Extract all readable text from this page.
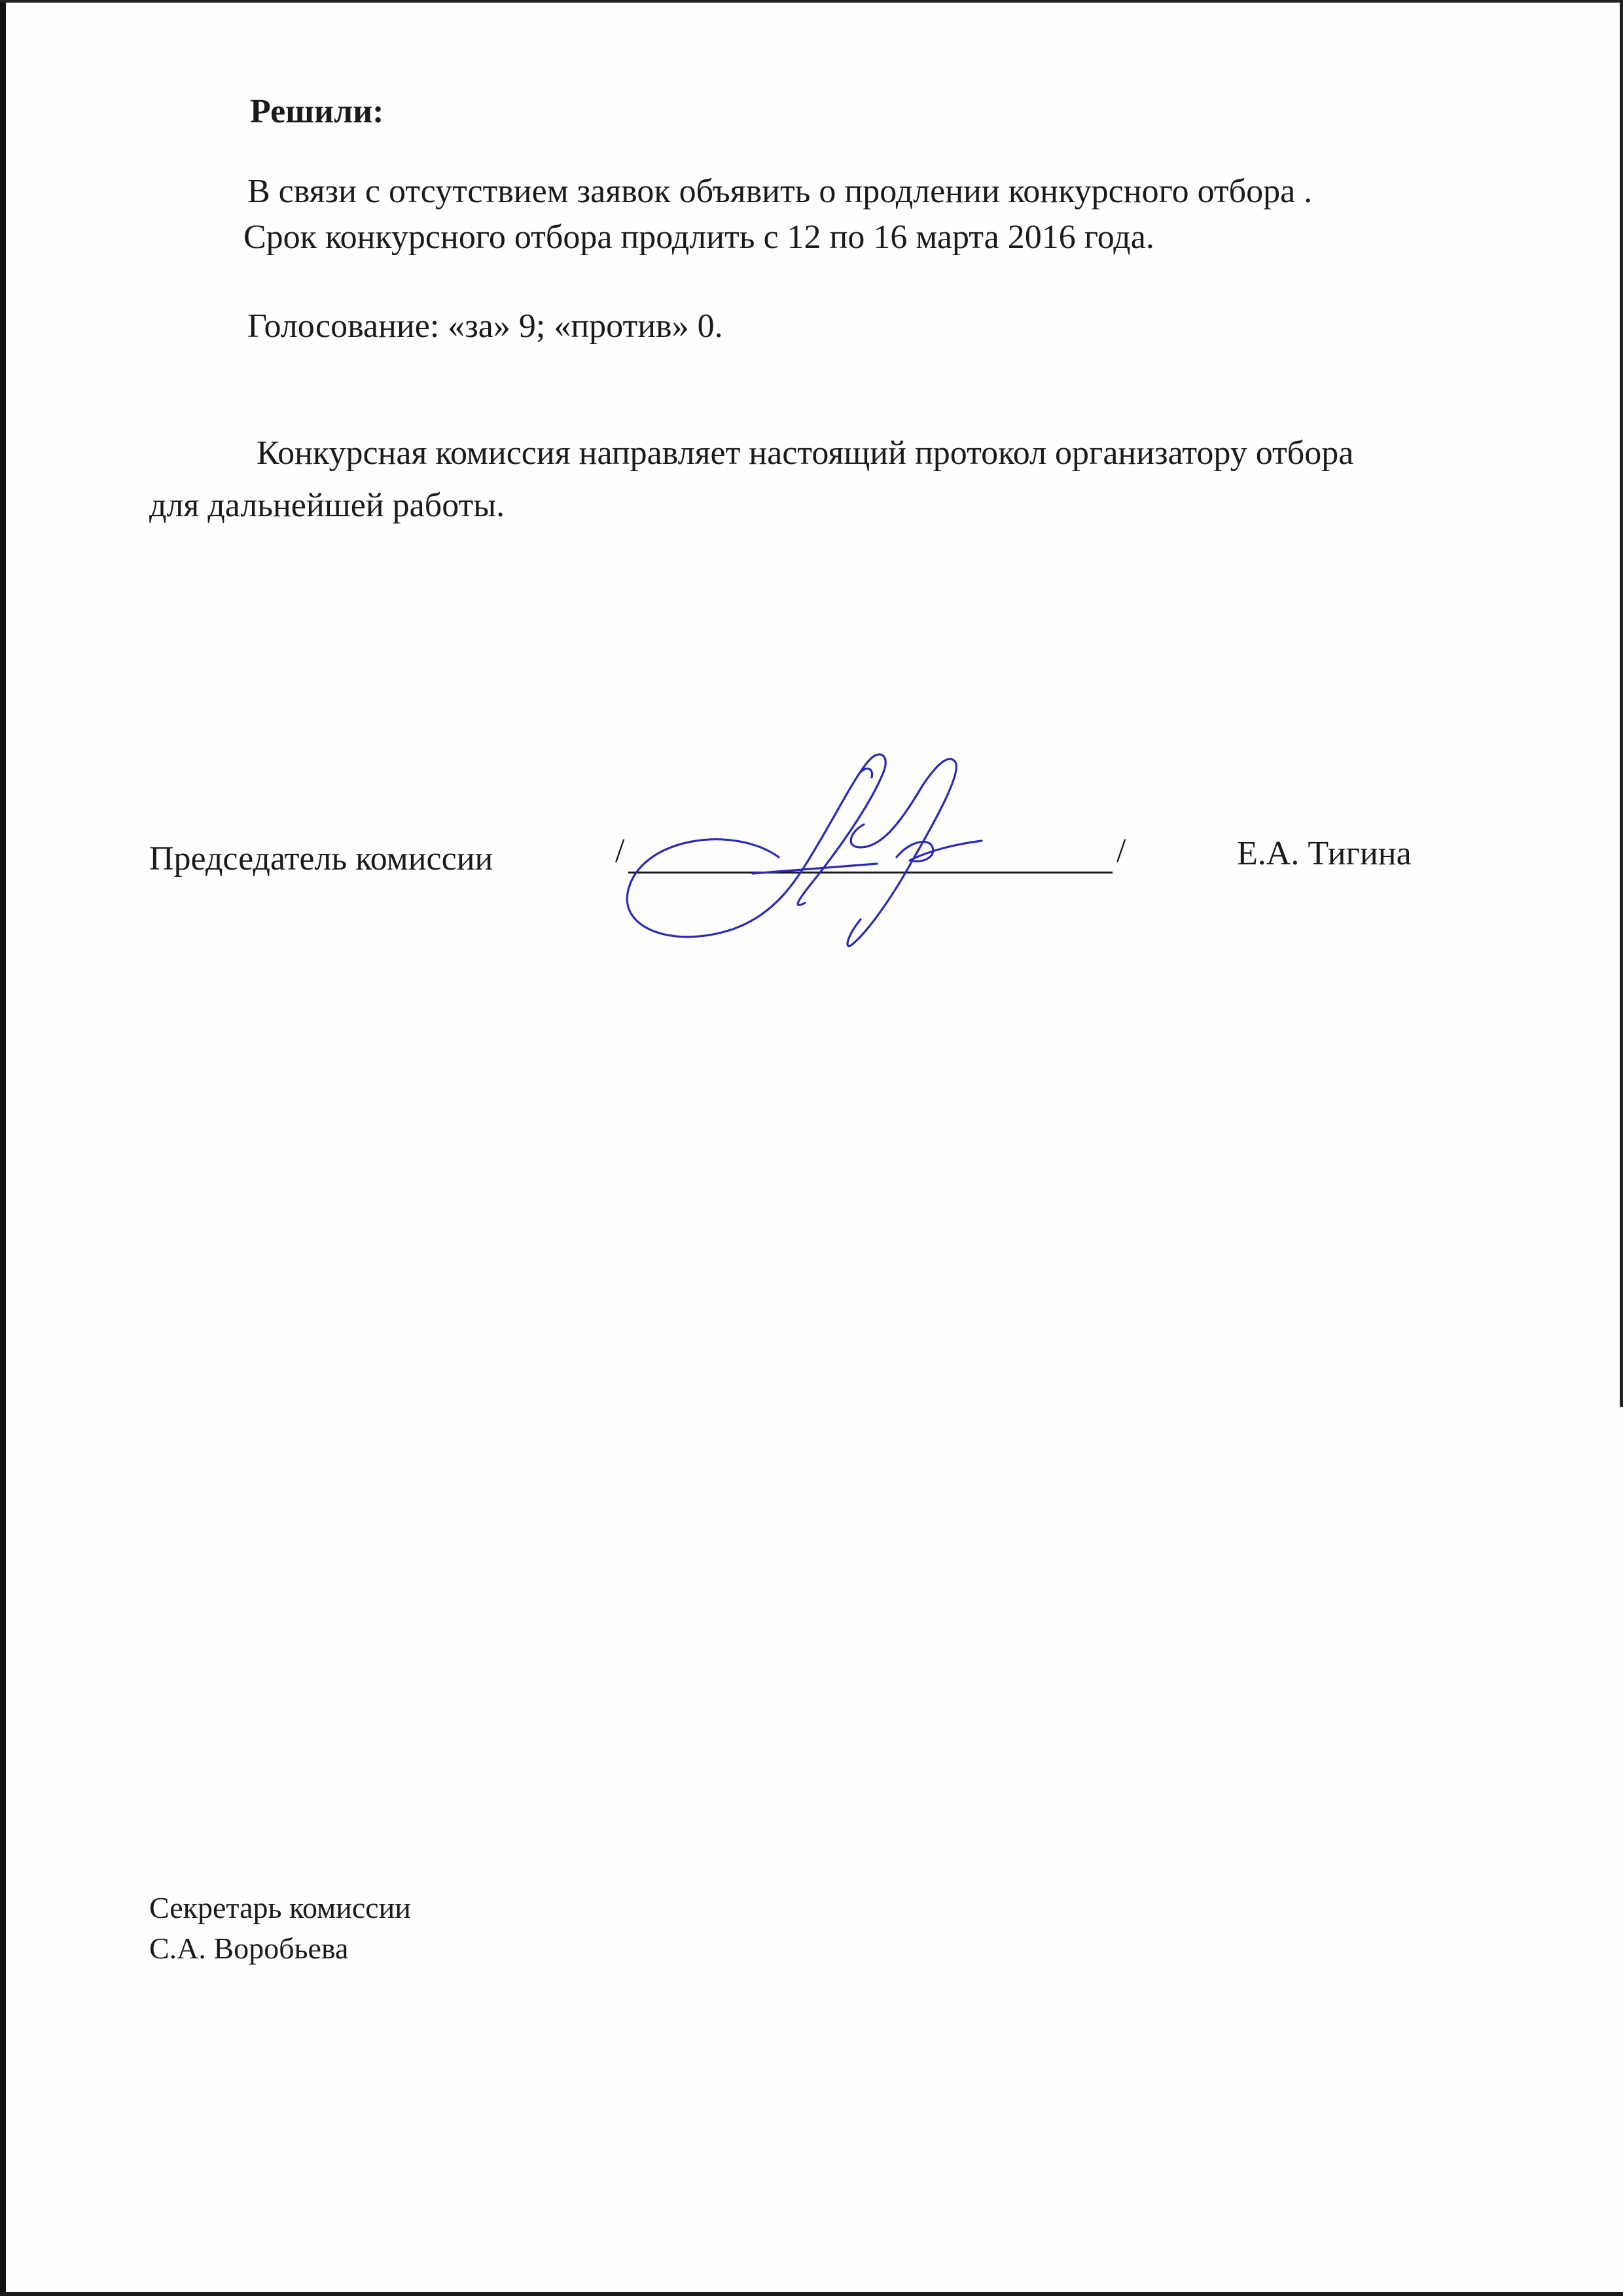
Решили:
В связи с отсутствием заявок объявить о продлении конкурсного отбора .
Срок конкурсного отбора продлить с 12 по 16 марта 2016 года.
Голосование: «за» 9; «против» 0.
Конкурсная комиссия направляет настоящий протокол организатору отбора
для дальнейшей работы.
Председатель комиссии	/	/	Е.А. Тигина
Секретарь комиссии
С.А. Воробьева
